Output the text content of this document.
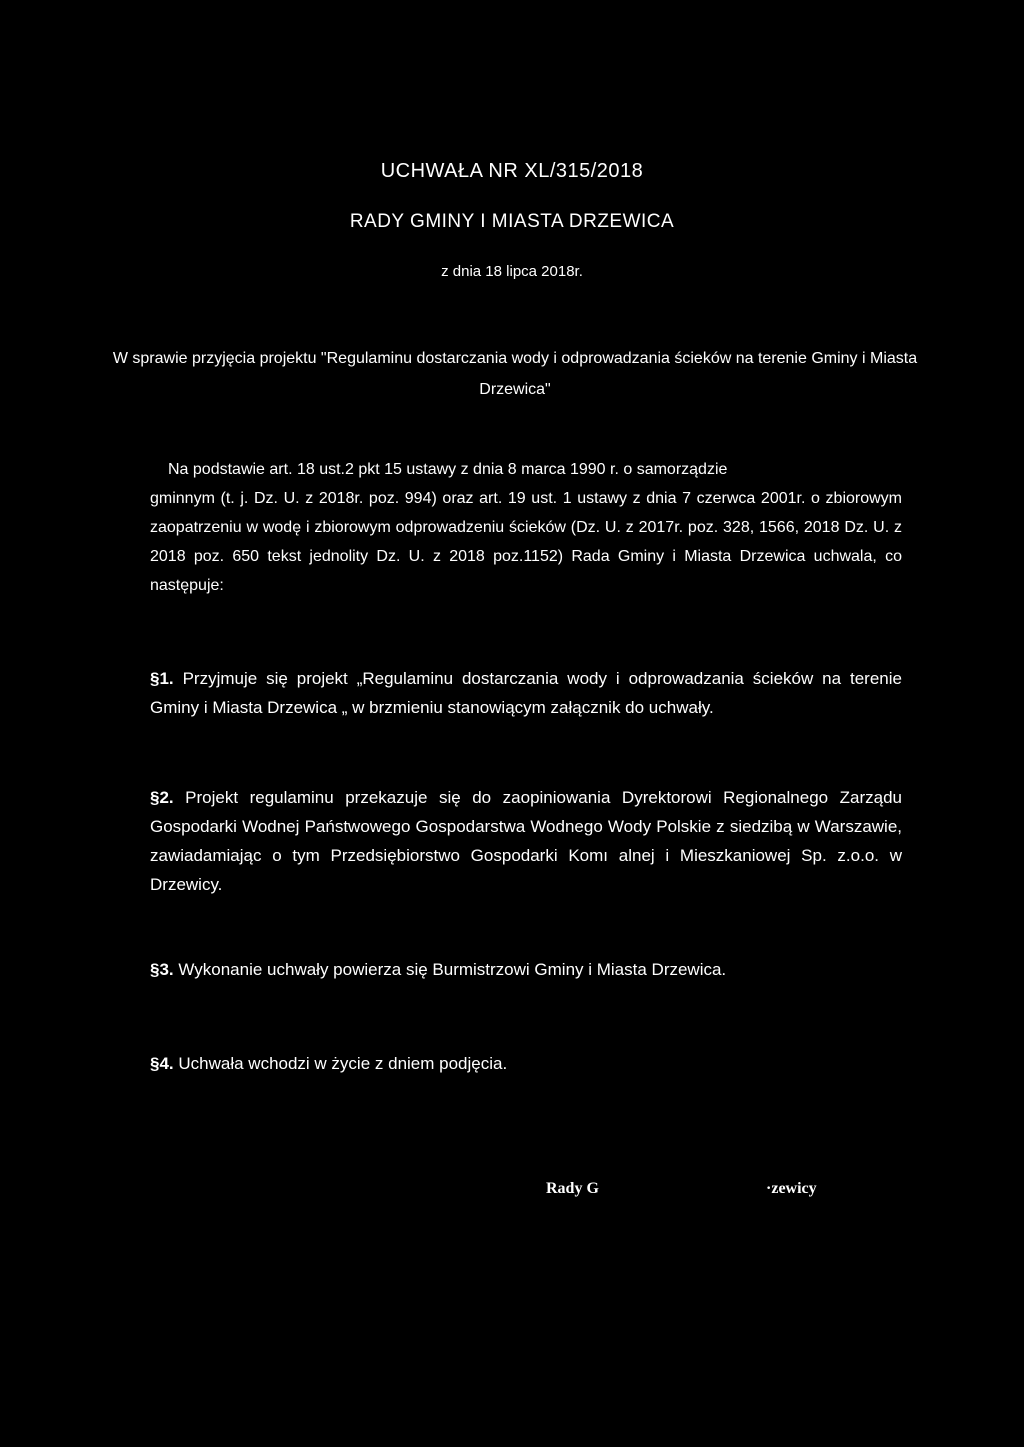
UCHWAŁA NR XL/315/2018
RADY GMINY I MIASTA DRZEWICA
z dnia 18 lipca 2018r.
W sprawie przyjęcia projektu "Regulaminu dostarczania wody i odprowadzania ścieków na terenie Gminy i Miasta Drzewica"
Na podstawie art. 18 ust.2 pkt 15 ustawy z dnia 8 marca 1990 r. o samorządzie
gminnym (t. j. Dz. U. z 2018r. poz. 994) oraz art. 19 ust. 1 ustawy z dnia 7 czerwca 2001r. o zbiorowym zaopatrzeniu w wodę i zbiorowym odprowadzeniu ścieków (Dz. U. z 2017r. poz. 328, 1566, 2018 Dz. U. z 2018 poz. 650 tekst jednolity Dz. U. z 2018 poz.1152) Rada Gminy i Miasta Drzewica uchwala, co następuje:
§1. Przyjmuje się projekt „Regulaminu dostarczania wody i odprowadzania ścieków na terenie Gminy i Miasta Drzewica „ w brzmieniu stanowiącym załącznik do uchwały.
§2. Projekt regulaminu przekazuje się do zaopiniowania Dyrektorowi Regionalnego Zarządu Gospodarki Wodnej Państwowego Gospodarstwa Wodnego Wody Polskie z siedzibą w Warszawie, zawiadamiając o tym Przedsiębiorstwo Gospodarki Komı alnej i Mieszkaniowej Sp. z.o.o. w Drzewicy.
§3. Wykonanie uchwały powierza się Burmistrzowi Gminy i Miasta Drzewica.
§4. Uchwała wchodzi w życie z dniem podjęcia.
Rady G	·zewicy
